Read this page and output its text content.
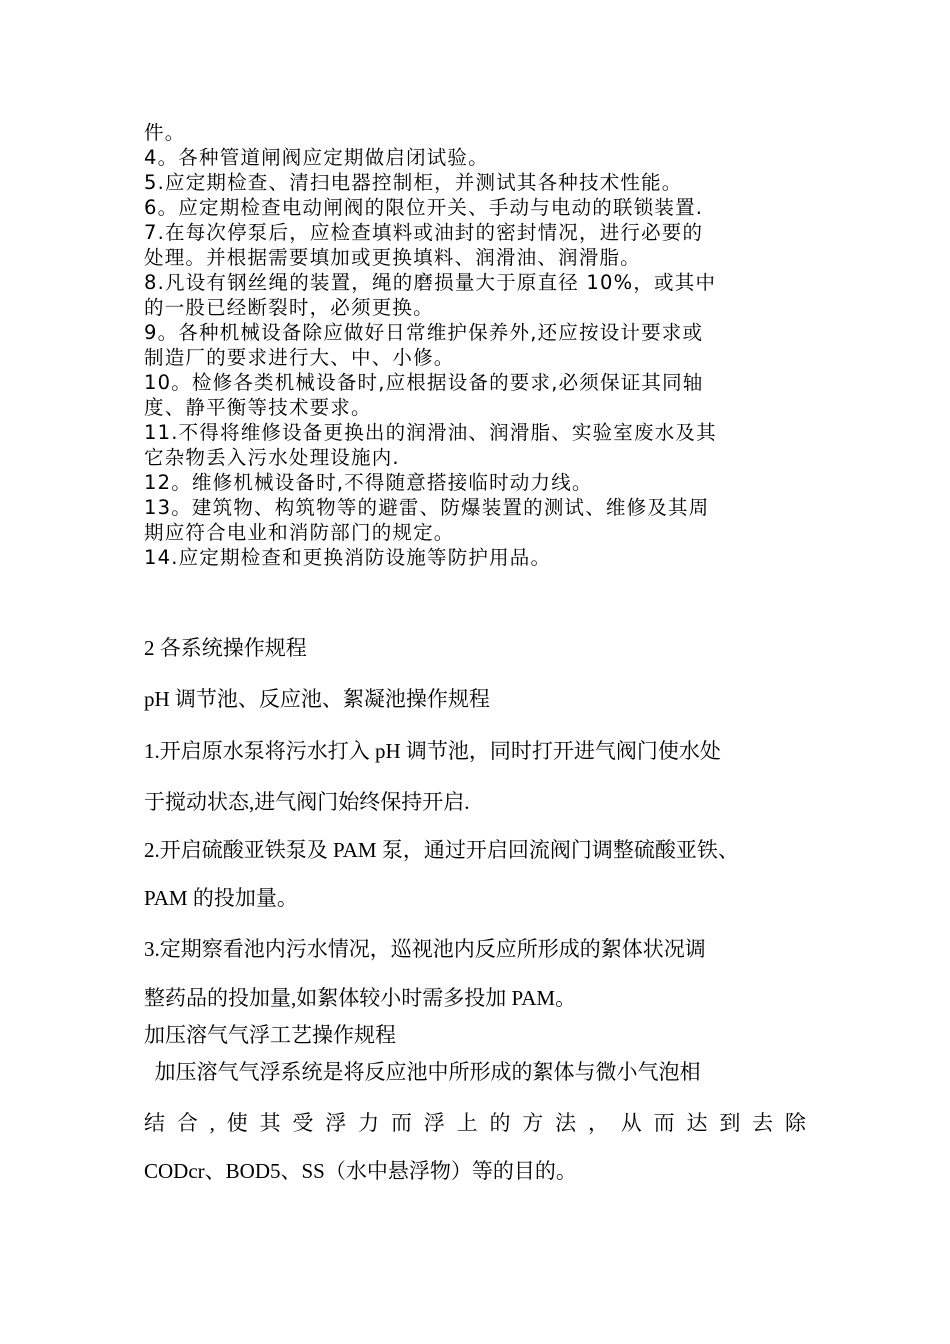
件。

4。各种管道闸阀应定期做启闭试验。

5.应定期检查、清扫电器控制柜，并测试其各种技术性能。

6。应定期检查电动闸阀的限位开关、手动与电动的联锁装置.

7.在每次停泵后，应检查填料或油封的密封情况，进行必要的

处理。并根据需要填加或更换填料、润滑油、润滑脂。

8.凡设有钢丝绳的装置，绳的磨损量大于原直径 10%，或其中

的一股已经断裂时，必须更换。

9。各种机械设备除应做好日常维护保养外,还应按设计要求或

制造厂的要求进行大、中、小修。

10。检修各类机械设备时,应根据设备的要求,必须保证其同轴

度、静平衡等技术要求。

11.不得将维修设备更换出的润滑油、润滑脂、实验室废水及其

它杂物丢入污水处理设施内.

12。维修机械设备时,不得随意搭接临时动力线。

13。建筑物、构筑物等的避雷、防爆装置的测试、维修及其周

期应符合电业和消防部门的规定。

14.应定期检查和更换消防设施等防护用品。

2 各系统操作规程

pH 调节池、反应池、絮凝池操作规程

1.开启原水泵将污水打入 pH 调节池，同时打开进气阀门使水处

于搅动状态,进气阀门始终保持开启.

2.开启硫酸亚铁泵及 PAM 泵，通过开启回流阀门调整硫酸亚铁、

PAM 的投加量。

3.定期察看池内污水情况，巡视池内反应所形成的絮体状况调

整药品的投加量,如絮体较小时需多投加 PAM。

加压溶气气浮工艺操作规程

加压溶气气浮系统是将反应池中所形成的絮体与微小气泡相

结合,使其受浮力而浮上的方法，从而达到去除

CODcr、BOD5、SS（水中悬浮物）等的目的。
